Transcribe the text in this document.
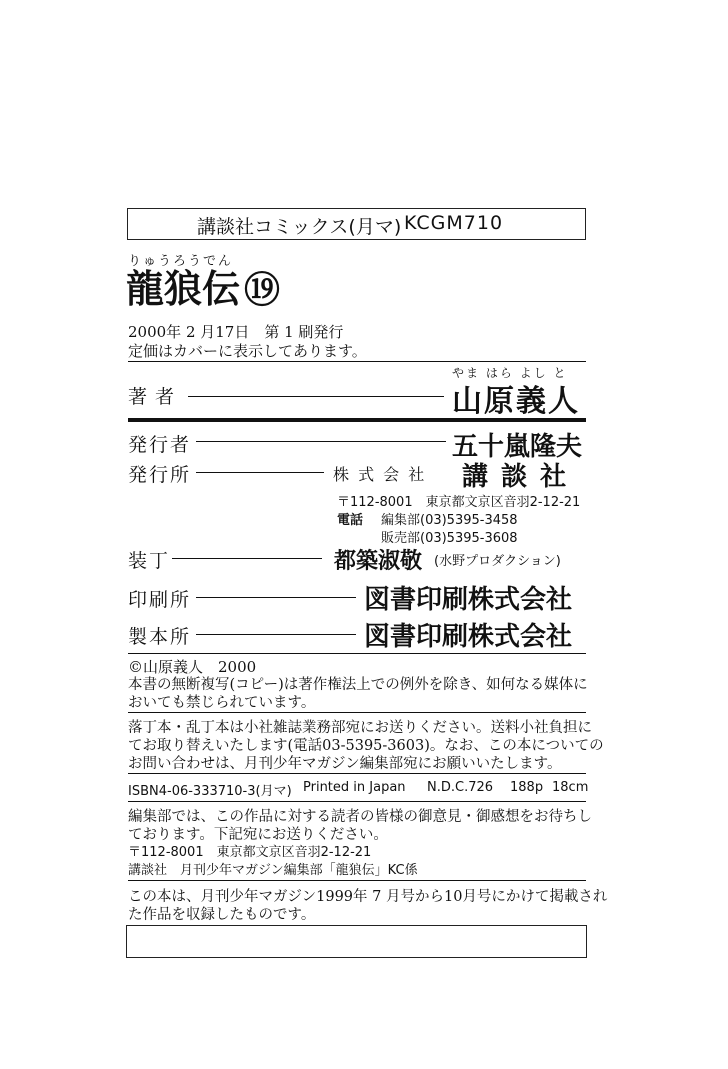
講談社コミックス(月マ) KCGM710
りゅうろうでん
龍狼伝 ⑲
2000年 2 月17日　第 1 刷発行
定価はカバーに表示してあります。
やま はら よし と
著者	山原義人
発行者	五十嵐隆夫
発行所	株 式 会 社 講 談 社
〒112-8001　東京都文京区音羽2-12-21
電話 編集部(03)5395-3458
販売部(03)5395-3608
装丁	都築淑敬 (水野プロダクション)
印刷所	図書印刷株式会社
製本所	図書印刷株式会社
©山原義人　2000
本書の無断複写(コピー)は著作権法上での例外を除き、如何なる媒体に
おいても禁じられています。
落丁本・乱丁本は小社雑誌業務部宛にお送りください。送料小社負担に
てお取り替えいたします(電話03-5395-3603)。なお、この本についての
お問い合わせは、月刊少年マガジン編集部宛にお願いいたします。
ISBN4-06-333710-3(月マ) Printed in Japan N.D.C.726 188p 18cm
編集部では、この作品に対する読者の皆様の御意見・御感想をお待ちし
ております。下記宛にお送りください。
〒112-8001　東京都文京区音羽2-12-21
講談社　月刊少年マガジン編集部「龍狼伝」KC係
この本は、月刊少年マガジン1999年 7 月号から10月号にかけて掲載され
た作品を収録したものです。
